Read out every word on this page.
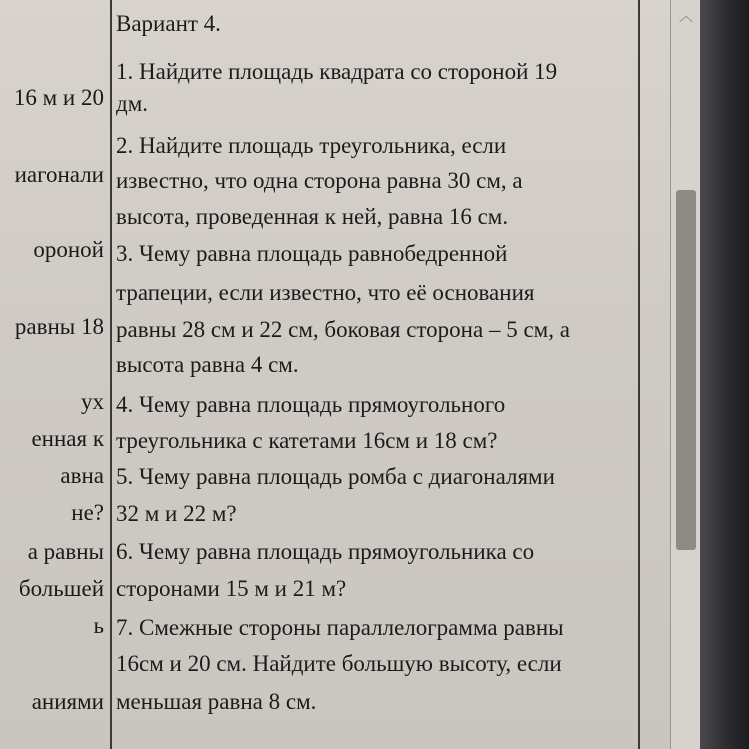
16 м и 20
иагонали
ороной
равны 18
ух
енная к
авна
не?
а равны
большей
ь
аниями
Вариант 4.
1. Найдите площадь квадрата со стороной 19
дм.
2. Найдите площадь треугольника, если
известно, что одна сторона равна 30 см, а
высота, проведенная к ней, равна 16 см.
3. Чему равна площадь равнобедренной
трапеции, если известно, что её основания
равны 28 см и 22 см, боковая сторона – 5 см, а
высота равна 4 см.
4. Чему равна площадь прямоугольного
треугольника с катетами 16см и 18 см?
5. Чему равна площадь ромба с диагоналями
32 м и 22 м?
6. Чему равна площадь прямоугольника со
сторонами 15 м и 21 м?
7. Смежные стороны параллелограмма равны
16см и 20 см. Найдите большую высоту, если
меньшая равна 8 см.
︿
